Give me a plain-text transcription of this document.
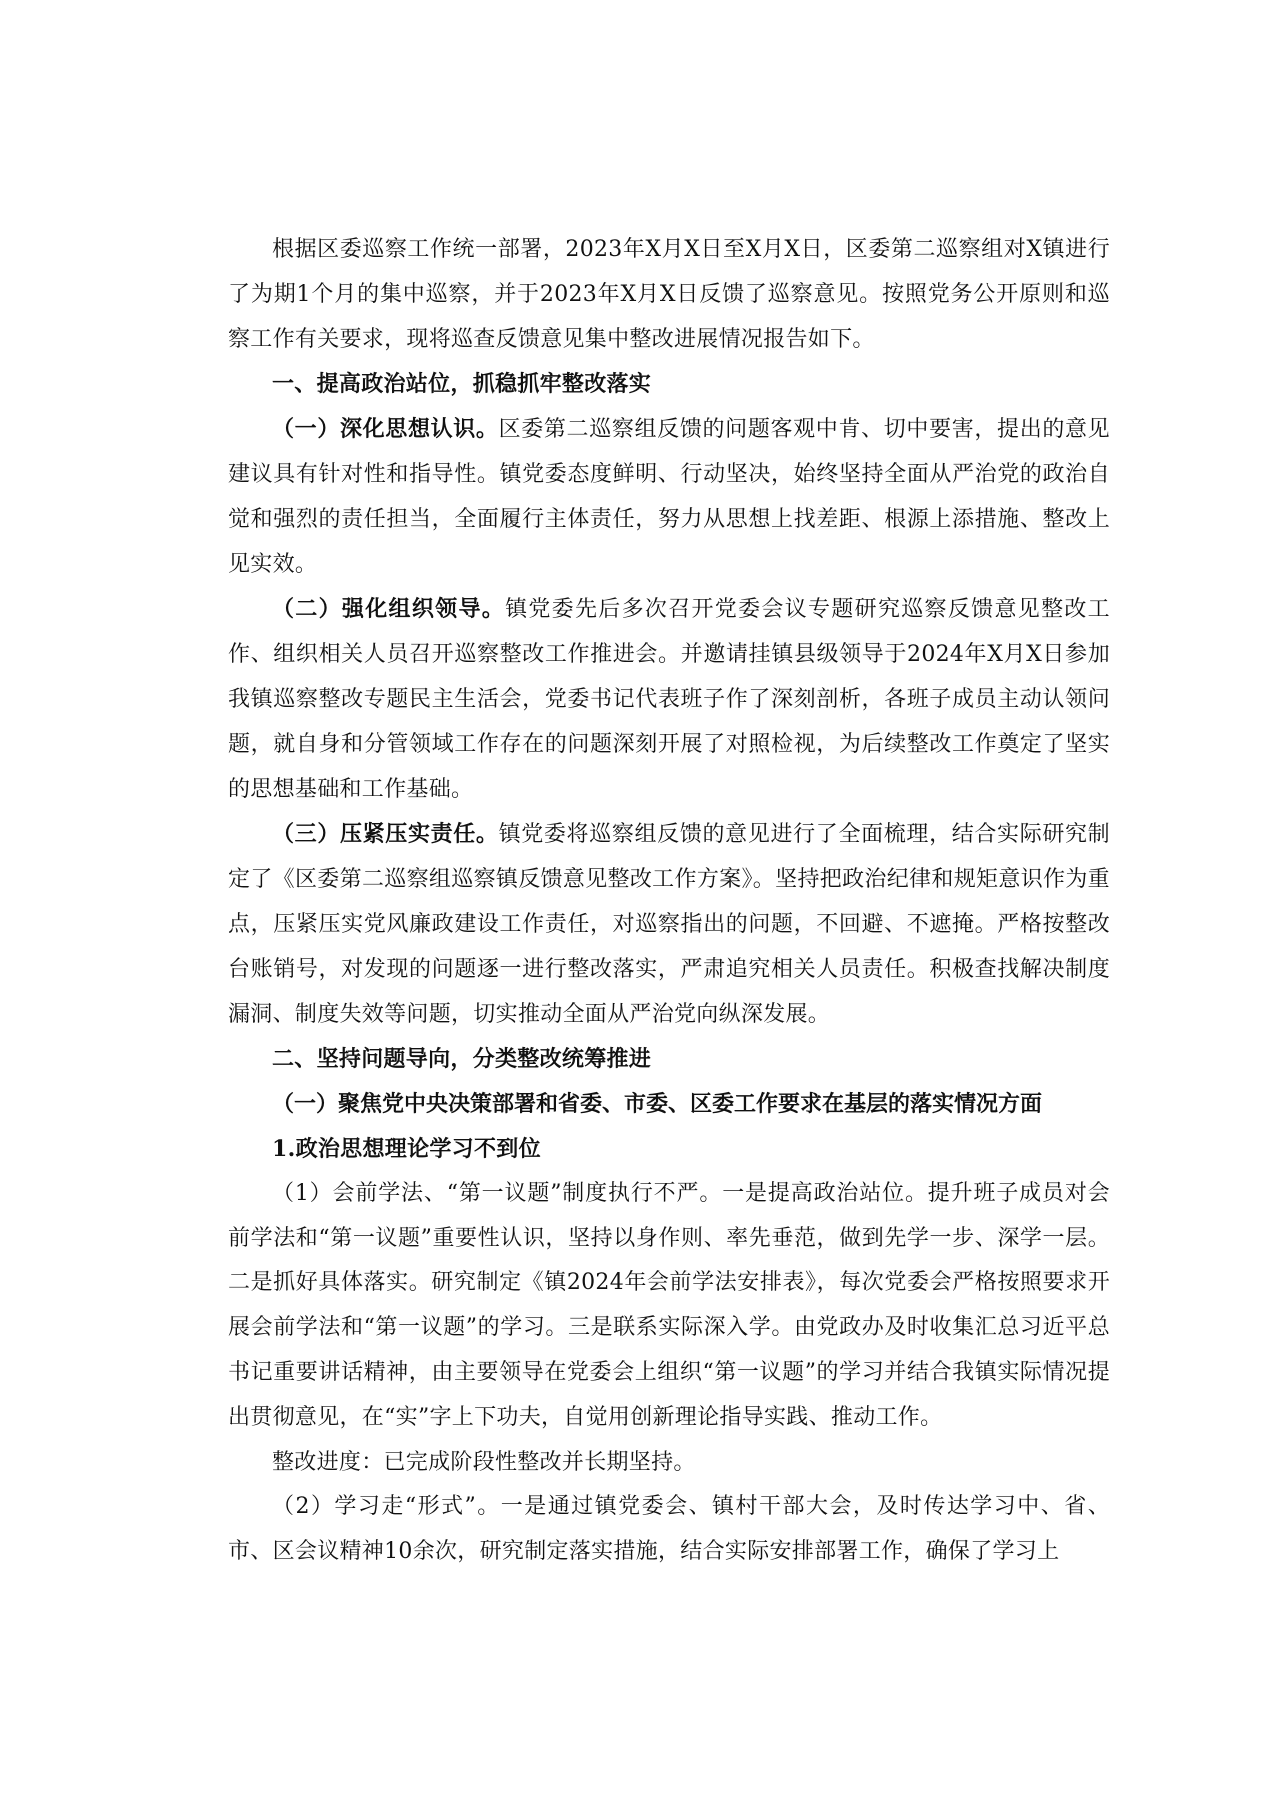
根据区委巡察工作统一部署，2023年X月X日至X月X日，区委第二巡察组对X镇进行了为期1个月的集中巡察，并于2023年X月X日反馈了巡察意见。按照党务公开原则和巡察工作有关要求，现将巡查反馈意见集中整改进展情况报告如下。

一、提高政治站位，抓稳抓牢整改落实

（一）深化思想认识。区委第二巡察组反馈的问题客观中肯、切中要害，提出的意见建议具有针对性和指导性。镇党委态度鲜明、行动坚决，始终坚持全面从严治党的政治自觉和强烈的责任担当，全面履行主体责任，努力从思想上找差距、根源上添措施、整改上见实效。

（二）强化组织领导。镇党委先后多次召开党委会议专题研究巡察反馈意见整改工作、组织相关人员召开巡察整改工作推进会。并邀请挂镇县级领导于2024年X月X日参加我镇巡察整改专题民主生活会，党委书记代表班子作了深刻剖析，各班子成员主动认领问题，就自身和分管领域工作存在的问题深刻开展了对照检视，为后续整改工作奠定了坚实的思想基础和工作基础。

（三）压紧压实责任。镇党委将巡察组反馈的意见进行了全面梳理，结合实际研究制定了《区委第二巡察组巡察镇反馈意见整改工作方案》。坚持把政治纪律和规矩意识作为重点，压紧压实党风廉政建设工作责任，对巡察指出的问题，不回避、不遮掩。严格按整改台账销号，对发现的问题逐一进行整改落实，严肃追究相关人员责任。积极查找解决制度漏洞、制度失效等问题，切实推动全面从严治党向纵深发展。

二、坚持问题导向，分类整改统筹推进

（一）聚焦党中央决策部署和省委、市委、区委工作要求在基层的落实情况方面

1.政治思想理论学习不到位

（1）会前学法、“第一议题”制度执行不严。一是提高政治站位。提升班子成员对会前学法和“第一议题”重要性认识，坚持以身作则、率先垂范，做到先学一步、深学一层。二是抓好具体落实。研究制定《镇2024年会前学法安排表》，每次党委会严格按照要求开展会前学法和“第一议题”的学习。三是联系实际深入学。由党政办及时收集汇总习近平总书记重要讲话精神，由主要领导在党委会上组织“第一议题”的学习并结合我镇实际情况提出贯彻意见，在“实”字上下功夫，自觉用创新理论指导实践、推动工作。

整改进度：已完成阶段性整改并长期坚持。

（2）学习走“形式”。一是通过镇党委会、镇村干部大会，及时传达学习中、省、市、区会议精神10余次，研究制定落实措施，结合实际安排部署工作，确保了学习上
